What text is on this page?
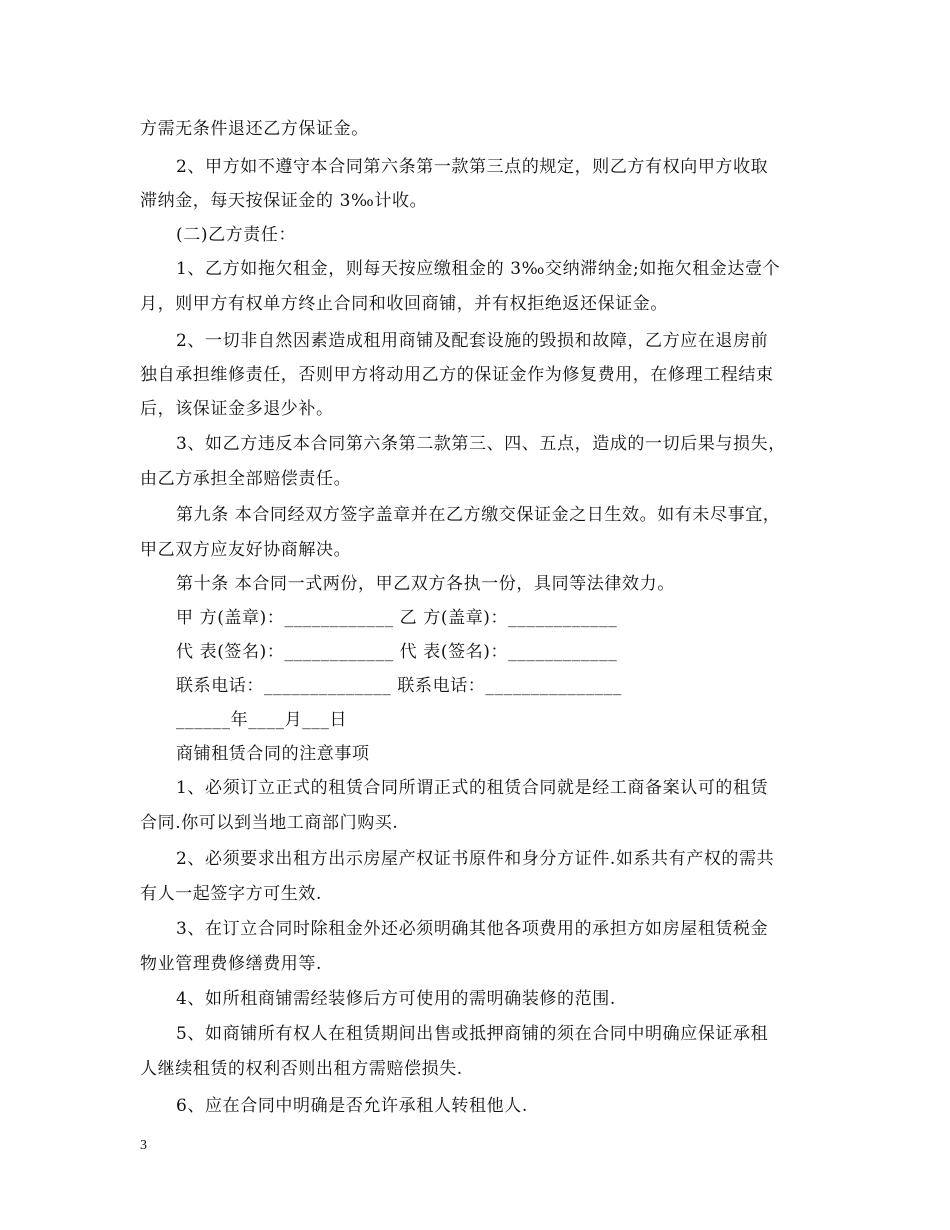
方需无条件退还乙方保证金。
2、甲方如不遵守本合同第六条第一款第三点的规定，则乙方有权向甲方收取
滞纳金，每天按保证金的 3‰计收。
(二)乙方责任：
1、乙方如拖欠租金，则每天按应缴租金的 3‰交纳滞纳金;如拖欠租金达壹个
月，则甲方有权单方终止合同和收回商铺，并有权拒绝返还保证金。
2、一切非自然因素造成租用商铺及配套设施的毁损和故障，乙方应在退房前
独自承担维修责任，否则甲方将动用乙方的保证金作为修复费用，在修理工程结束
后，该保证金多退少补。
3、如乙方违反本合同第六条第二款第三、四、五点，造成的一切后果与损失，
由乙方承担全部赔偿责任。
第九条 本合同经双方签字盖章并在乙方缴交保证金之日生效。如有未尽事宜，
甲乙双方应友好协商解决。
第十条 本合同一式两份，甲乙双方各执一份，具同等法律效力。
甲 方(盖章)：____________ 乙 方(盖章)：____________
代 表(签名)：____________ 代 表(签名)：____________
联系电话：______________ 联系电话：_______________
______年____月___日
商铺租赁合同的注意事项
1、必须订立正式的租赁合同所谓正式的租赁合同就是经工商备案认可的租赁
合同.你可以到当地工商部门购买.
2、必须要求出租方出示房屋产权证书原件和身分方证件.如系共有产权的需共
有人一起签字方可生效.
3、在订立合同时除租金外还必须明确其他各项费用的承担方如房屋租赁税金
物业管理费修缮费用等.
4、如所租商铺需经装修后方可使用的需明确装修的范围.
5、如商铺所有权人在租赁期间出售或抵押商铺的须在合同中明确应保证承租
人继续租赁的权利否则出租方需赔偿损失.
6、应在合同中明确是否允许承租人转租他人.
3
